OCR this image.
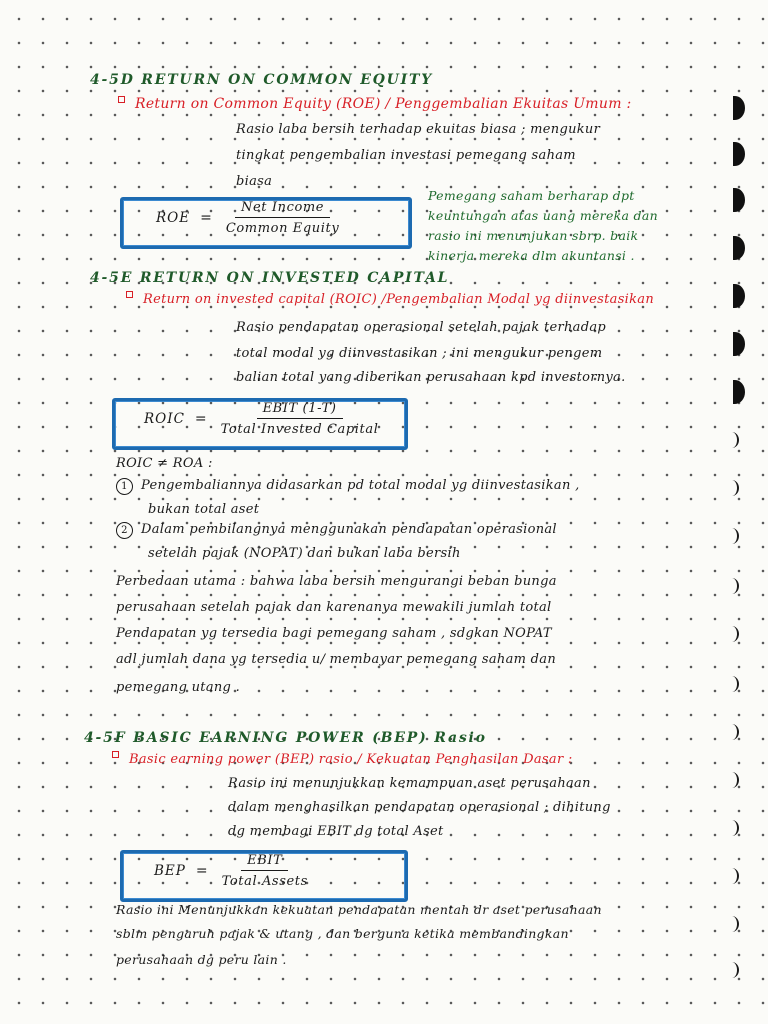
4-5D RETURN ON COMMON EQUITY
Return on Common Equity (ROE) / Penggembalian Ekuitas Umum :
Rasio laba bersih terhadap ekuitas biasa ; mengukur
tingkat pengembalian investasi pemegang saham
biasa
ROE = $\frac{\text{Net Income}}{\text{Common Equity}}$
Pemegang saham berharap dpt
keuntungan atas uang mereka dan
rasio ini menunjukan sbrp. baik
kinerja mereka dlm akuntansi .
4-5E RETURN ON INVESTED CAPITAL
Return on invested capital (ROIC) /Pengembalian Modal yg diinvestasikan
Rasio pendapatan operasional setelah pajak terhadap
total modal yg diinvestasikan ; ini mengukur pengem
balian total yang diberikan perusahaan kpd investornya.
ROIC = $\frac{\text{EBIT (1-T)}}{\text{Total Invested Capital}}$
ROIC ≠ ROA :
1 Pengembaliannya didasarkan pd total modal yg diinvestasikan ,
bukan total aset
2 Dalam pembilangnya menggunakan pendapatan operasional
setelah pajak (NOPAT) dan bukan laba bersih
Perbedaan utama : bahwa laba bersih mengurangi beban bunga
perusahaan setelah pajak dan karenanya mewakili jumlah total
Pendapatan yg tersedia bagi pemegang saham , sdgkan NOPAT
adl jumlah dana yg tersedia u/ membayar pemegang saham dan
pemegang utang .
4-5F BASIC EARNING POWER (BEP) Rasio
Basic earning power (BEP) rasio / Kekuatan Penghasilan Dasar :
Rasio ini menunjukkan kemampuan aset perusahaan
dalam menghasilkan pendapatan operasional ; dihitung
dg membagi EBIT dg total Aset
BEP = $\frac{\text{EBIT}}{\text{Total Assets}}$
Rasio ini Menunjukkan kekuatan pendapatan mentah dr aset perusahaan
sblm pengaruh pajak & utang , dan berguna ketika membandingkan
perusahaan dg peru lain .
